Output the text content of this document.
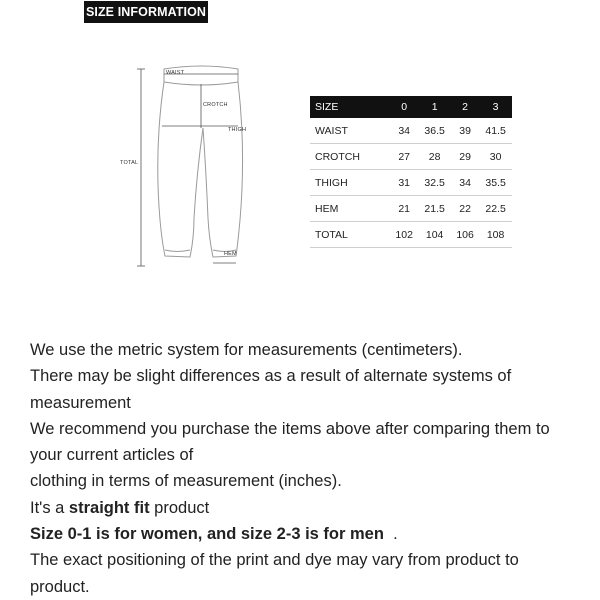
SIZE INFORMATION
WAIST
CROTCH
THIGH
TOTAL
HEM
SIZE	0	1	2	3
WAIST	34	36.5	39	41.5
CROTCH	27	28	29	30
THIGH	31	32.5	34	35.5
HEM	21	21.5	22	22.5
TOTAL	102	104	106	108

We use the metric system for measurements (centimeters).

There may be slight differences as a result of alternate systems of measurement

We recommend you purchase the items above after comparing them to your current articles of

clothing in terms of measurement (inches).

It's a straight fit product

Size 0-1 is for women, and size 2-3 is for men  .

The exact positioning of the print and dye may vary from product to product.
